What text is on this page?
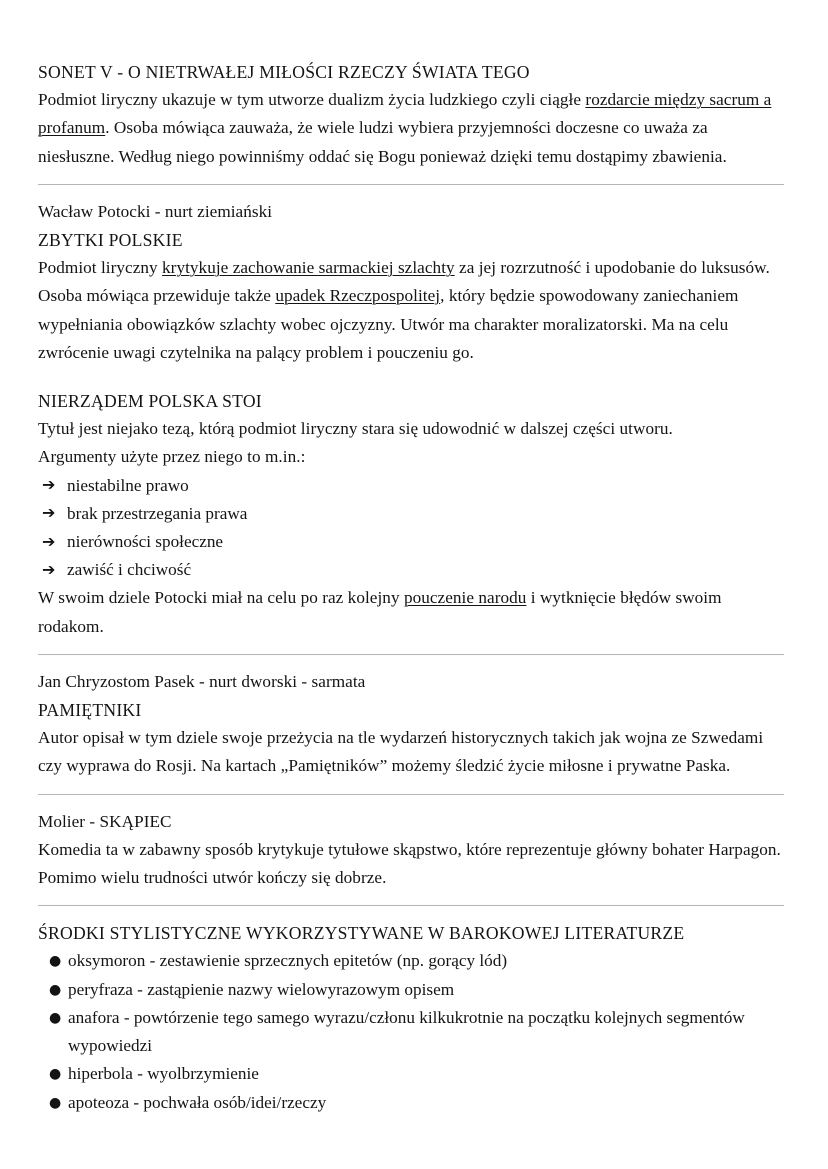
SONET V - O NIETRWAŁEJ MIŁOŚCI RZECZY ŚWIATA TEGO

Podmiot liryczny ukazuje w tym utworze dualizm życia ludzkiego czyli ciągłe rozdarcie między sacrum a profanum. Osoba mówiąca zauważa, że wiele ludzi wybiera przyjemności doczesne co uważa za niesłuszne. Według niego powinniśmy oddać się Bogu ponieważ dzięki temu dostąpimy zbawienia.

Wacław Potocki - nurt ziemiański

ZBYTKI POLSKIE

Podmiot liryczny krytykuje zachowanie sarmackiej szlachty za jej rozrzutność i upodobanie do luksusów. Osoba mówiąca przewiduje także upadek Rzeczpospolitej, który będzie spowodowany zaniechaniem wypełniania obowiązków szlachty wobec ojczyzny. Utwór ma charakter moralizatorski. Ma na celu zwrócenie uwagi czytelnika na palący problem i pouczeniu go.

NIERZĄDEM POLSKA STOI

Tytuł jest niejako tezą, którą podmiot liryczny stara się udowodnić w dalszej części utworu.

Argumenty użyte przez niego to m.in.:

➔ niestabilne prawo
➔ brak przestrzegania prawa
➔ nierówności społeczne
➔ zawiść i chciwość

W swoim dziele Potocki miał na celu po raz kolejny pouczenie narodu i wytknięcie błędów swoim rodakom.

Jan Chryzostom Pasek - nurt dworski - sarmata

PAMIĘTNIKI

Autor opisał w tym dziele swoje przeżycia na tle wydarzeń historycznych takich jak wojna ze Szwedami czy wyprawa do Rosji. Na kartach „Pamiętników” możemy śledzić życie miłosne i prywatne Paska.

Molier - SKĄPIEC

Komedia ta w zabawny sposób krytykuje tytułowe skąpstwo, które reprezentuje główny bohater Harpagon. Pomimo wielu trudności utwór kończy się dobrze.

ŚRODKI STYLISTYCZNE WYKORZYSTYWANE W BAROKOWEJ LITERATURZE
● oksymoron - zestawienie sprzecznych epitetów (np. gorący lód)
● peryfraza - zastąpienie nazwy wielowyrazowym opisem
● anafora - powtórzenie tego samego wyrazu/członu kilkukrotnie na początku kolejnych segmentów wypowiedzi
● hiperbola - wyolbrzymienie
● apoteoza - pochwała osób/idei/rzeczy
